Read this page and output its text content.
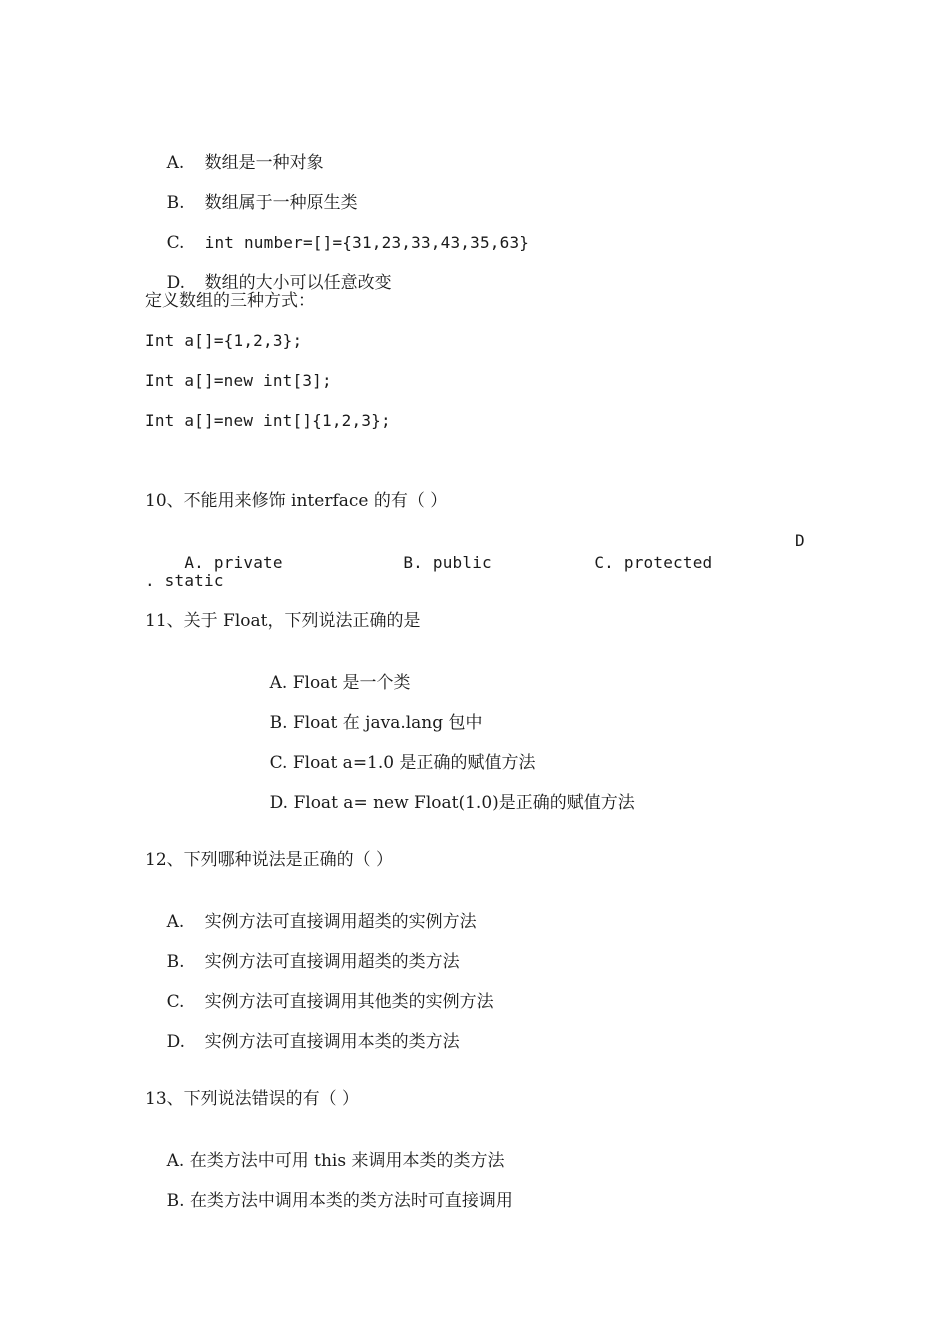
A. 数组是一种对象

B. 数组属于一种原生类

C. int number=[]={31,23,33,43,35,63}

D. 数组的大小可以任意改变

定义数组的三种方式：
Int a[]={1,2,3};
Int a[]=new int[3];
Int a[]=new int[]{1,2,3};
10、不能用来修饰 interface 的有（ ）

A. private
	B. public
	C. protected

D
. static
11、关于 Float，下列说法正确的是

A. Float 是一个类

B. Float 在 java.lang 包中

C. Float a=1.0 是正确的赋值方法

D. Float a= new Float(1.0)是正确的赋值方法

12、下列哪种说法是正确的（ ）

A. 实例方法可直接调用超类的实例方法

B. 实例方法可直接调用超类的类方法

C. 实例方法可直接调用其他类的实例方法

D. 实例方法可直接调用本类的类方法

13、下列说法错误的有（ ）

A. 在类方法中可用 this 来调用本类的类方法

B. 在类方法中调用本类的类方法时可直接调用
